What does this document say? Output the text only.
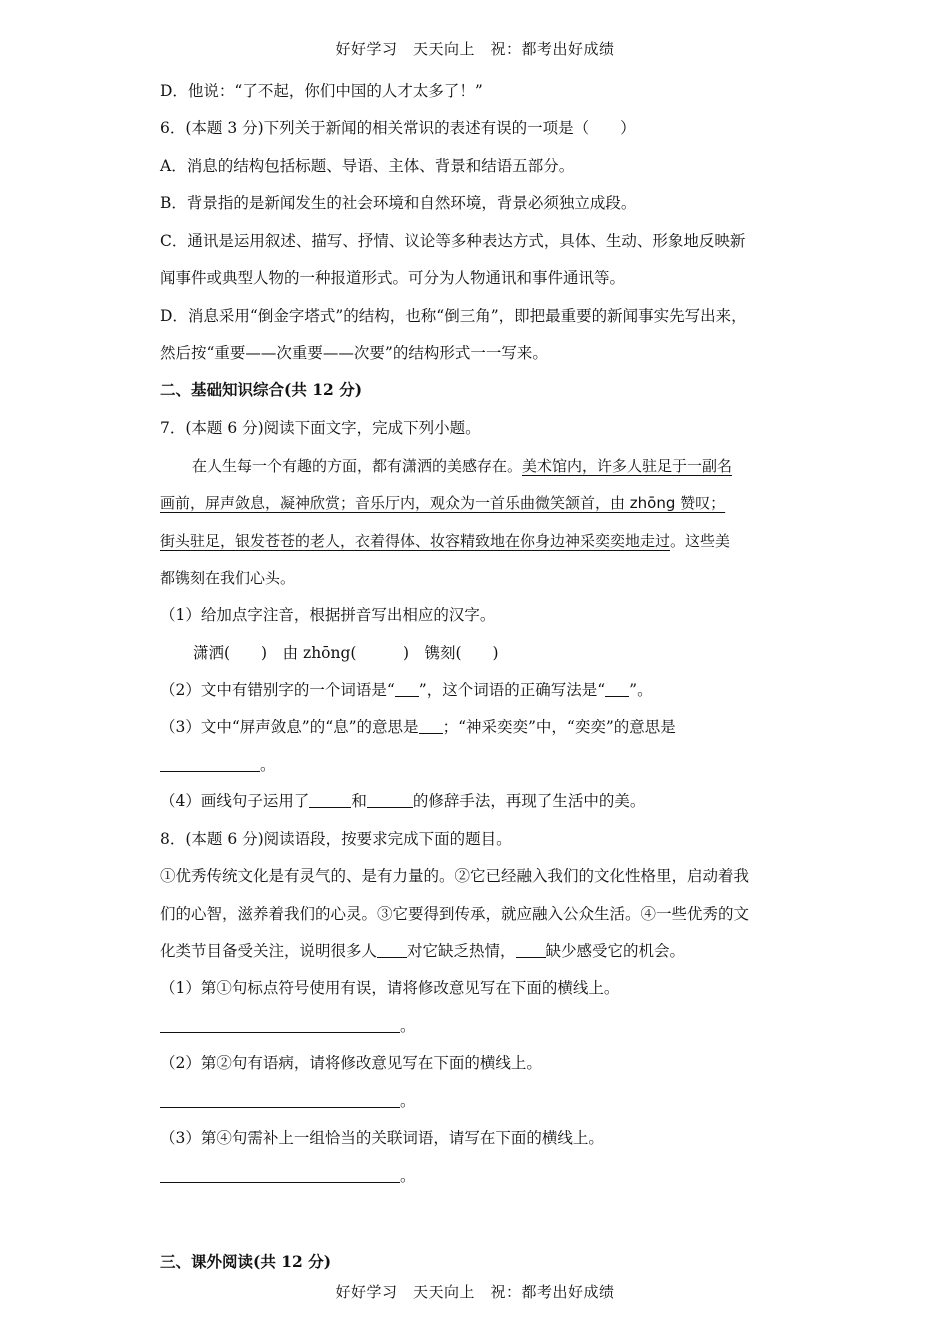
好好学习　天天向上　祝：都考出好成绩
D．他说：“了不起，你们中国的人才太多了！”
6．(本题 3 分)下列关于新闻的相关常识的表述有误的一项是（　　）
A．消息的结构包括标题、导语、主体、背景和结语五部分。
B．背景指的是新闻发生的社会环境和自然环境，背景必须独立成段。
C．通讯是运用叙述、描写、抒情、议论等多种表达方式，具体、生动、形象地反映新
闻事件或典型人物的一种报道形式。可分为人物通讯和事件通讯等。
D．消息采用“倒金字塔式”的结构，也称“倒三角”，即把最重要的新闻事实先写出来，
然后按“重要——次重要——次要”的结构形式一一写来。
二、基础知识综合(共 12 分)
7．(本题 6 分)阅读下面文字，完成下列小题。
在人生每一个有趣的方面，都有潇洒的美感存在。美术馆内，许多人驻足于一副名
画前，屏声敛息，凝神欣赏；音乐厅内，观众为一首乐曲微笑颔首，由 zhōng 赞叹；
街头驻足，银发苍苍的老人，衣着得体、妆容精致地在你身边神采奕奕地走过。这些美
都镌刻在我们心头。
（1）给加点字注音，根据拼音写出相应的汉字。
潇洒(　　)　由 zhōng(　　　)　镌刻(　　)
（2）文中有错别字的一个词语是“ ”，这个词语的正确写法是“ ”。
（3）文中“屏声敛息”的“息”的意思是 ；“神采奕奕”中，“奕奕”的意思是
。
（4）画线句子运用了	和	的修辞手法，再现了生活中的美。
8．(本题 6 分)阅读语段，按要求完成下面的题目。
①优秀传统文化是有灵气的、是有力量的。②它已经融入我们的文化性格里，启动着我
们的心智，滋养着我们的心灵。③它要得到传承，就应融入公众生活。④一些优秀的文
化类节目备受关注，说明很多人 对它缺乏热情， 缺少感受它的机会。
（1）第①句标点符号使用有误，请将修改意见写在下面的横线上。
。
（2）第②句有语病，请将修改意见写在下面的横线上。
。
（3）第④句需补上一组恰当的关联词语，请写在下面的横线上。
。
三、课外阅读(共 12 分)
好好学习　天天向上　祝：都考出好成绩
